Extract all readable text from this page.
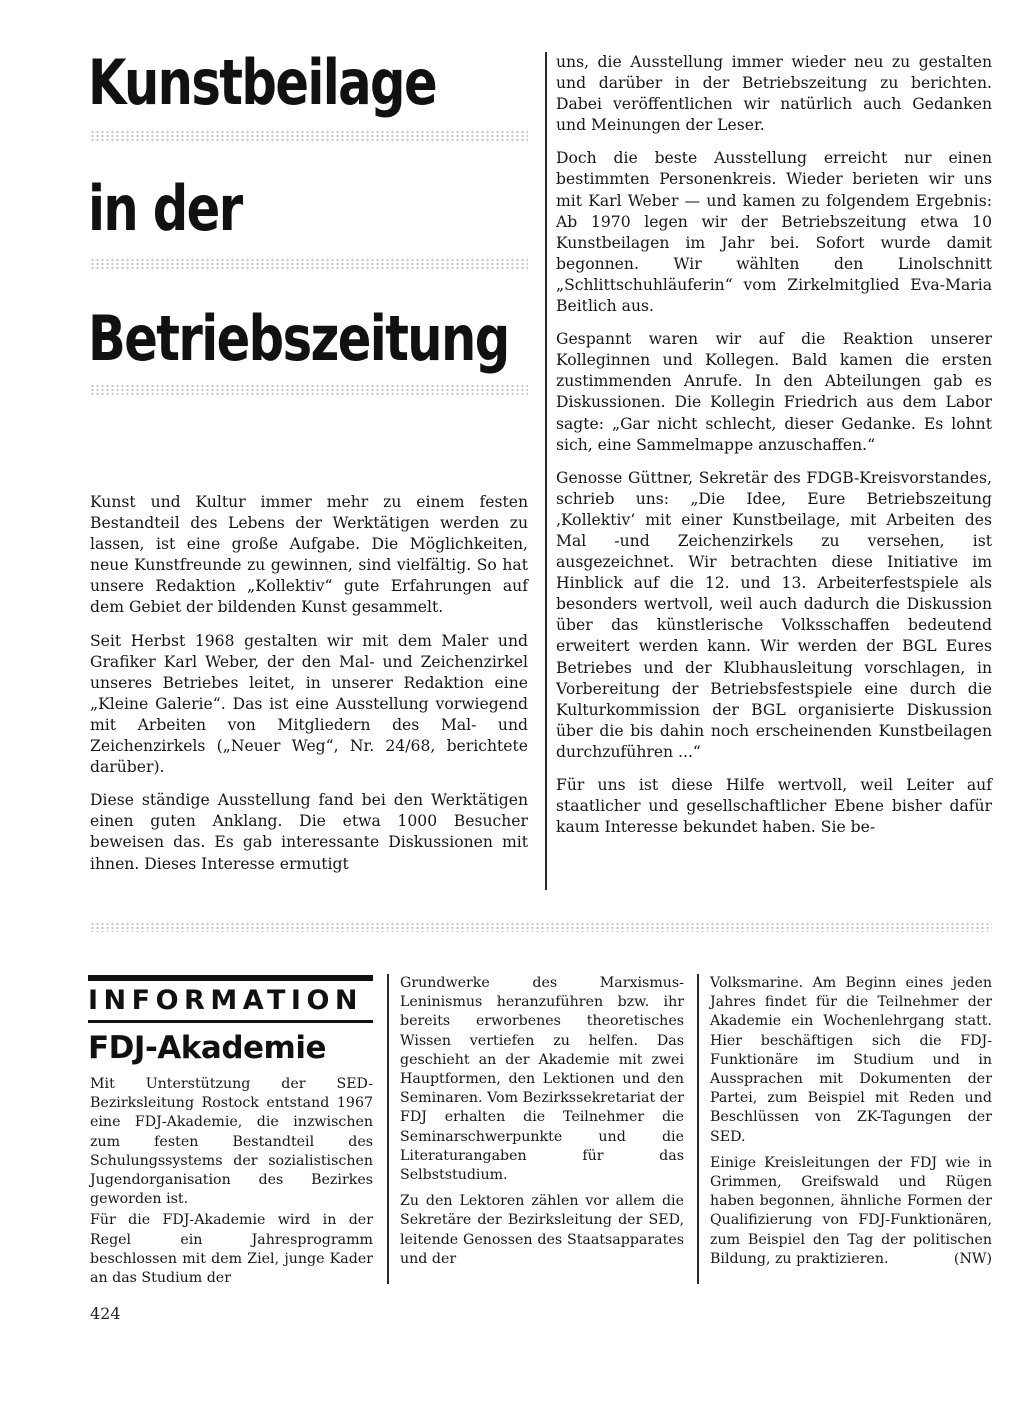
Kunstbeilage
in der
Betriebszeitung

Kunst und Kultur immer mehr zu einem festen Bestandteil des Lebens der Werktätigen werden zu lassen, ist eine große Aufgabe. Die Möglichkeiten, neue Kunstfreunde zu gewinnen, sind vielfältig. So hat unsere Redaktion „Kollektiv“ gute Erfahrungen auf dem Gebiet der bildenden Kunst gesammelt.

Seit Herbst 1968 gestalten wir mit dem Maler und Grafiker Karl Weber, der den Mal- und Zeichenzirkel unseres Betriebes leitet, in unserer Redaktion eine „Kleine Galerie“. Das ist eine Ausstellung vorwiegend mit Arbeiten von Mitgliedern des Mal- und Zeichenzirkels („Neuer Weg“, Nr. 24/68, berichtete darüber).

Diese ständige Ausstellung fand bei den Werktätigen einen guten Anklang. Die etwa 1000 Besucher beweisen das. Es gab interessante Diskussionen mit ihnen. Dieses Interesse ermutigt

uns, die Ausstellung immer wieder neu zu gestalten und darüber in der Betriebszeitung zu berichten. Dabei veröffentlichen wir natürlich auch Gedanken und Meinungen der Leser.

Doch die beste Ausstellung erreicht nur einen bestimmten Personenkreis. Wieder berieten wir uns mit Karl Weber — und kamen zu folgendem Ergebnis: Ab 1970 legen wir der Betriebszeitung etwa 10 Kunstbeilagen im Jahr bei. Sofort wurde damit begonnen. Wir wählten den Linolschnitt „Schlittschuhläuferin“ vom Zirkelmitglied Eva-Maria Beitlich aus.

Gespannt waren wir auf die Reaktion unserer Kolleginnen und Kollegen. Bald kamen die ersten zustimmenden Anrufe. In den Abteilungen gab es Diskussionen. Die Kollegin Friedrich aus dem Labor sagte: „Gar nicht schlecht, dieser Gedanke. Es lohnt sich, eine Sammelmappe anzuschaffen.“

Genosse Güttner, Sekretär des FDGB-Kreisvorstandes, schrieb uns: „Die Idee, Eure Betriebszeitung ‚Kollektiv‘ mit einer Kunstbeilage, mit Arbeiten des Mal -und Zeichenzirkels zu versehen, ist ausgezeichnet. Wir betrachten diese Initiative im Hinblick auf die 12. und 13. Arbeiterfestspiele als besonders wertvoll, weil auch dadurch die Diskussion über das künstlerische Volksschaffen bedeutend erweitert werden kann. Wir werden der BGL Eures Betriebes und der Klubhausleitung vorschlagen, in Vorbereitung der Betriebsfestspiele eine durch die Kulturkommission der BGL organisierte Diskussion über die bis dahin noch erscheinenden Kunstbeilagen durchzuführen ...“

Für uns ist diese Hilfe wertvoll, weil Leiter auf staatlicher und gesellschaftlicher Ebene bisher dafür kaum Interesse bekundet haben. Sie be-

INFORMATION
FDJ-Akademie

Mit Unterstützung der SED-Bezirksleitung Rostock entstand 1967 eine FDJ-Akademie, die inzwischen zum festen Bestandteil des Schulungssystems der sozialistischen Jugendorganisation des Bezirkes geworden ist.

Für die FDJ-Akademie wird in der Regel ein Jahresprogramm beschlossen mit dem Ziel, junge Kader an das Studium der

Grundwerke des Marxismus-Leninismus heranzuführen bzw. ihr bereits erworbenes theoretisches Wissen vertiefen zu helfen. Das geschieht an der Akademie mit zwei Hauptformen, den Lektionen und den Seminaren. Vom Bezirkssekretariat der FDJ erhalten die Teilnehmer die Seminarschwerpunkte und die Literaturangaben für das Selbststudium.

Zu den Lektoren zählen vor allem die Sekretäre der Bezirksleitung der SED, leitende Genossen des Staatsapparates und der

Volksmarine. Am Beginn eines jeden Jahres findet für die Teilnehmer der Akademie ein Wochenlehrgang statt. Hier beschäftigen sich die FDJ-Funktionäre im Studium und in Aussprachen mit Dokumenten der Partei, zum Beispiel mit Reden und Beschlüssen von ZK-Tagungen der SED.

Einige Kreisleitungen der FDJ wie in Grimmen, Greifswald und Rügen haben begonnen, ähnliche Formen der Qualifizierung von FDJ-Funktionären, zum Beispiel den Tag der politischen Bildung, zu praktizieren.	(NW)

424
